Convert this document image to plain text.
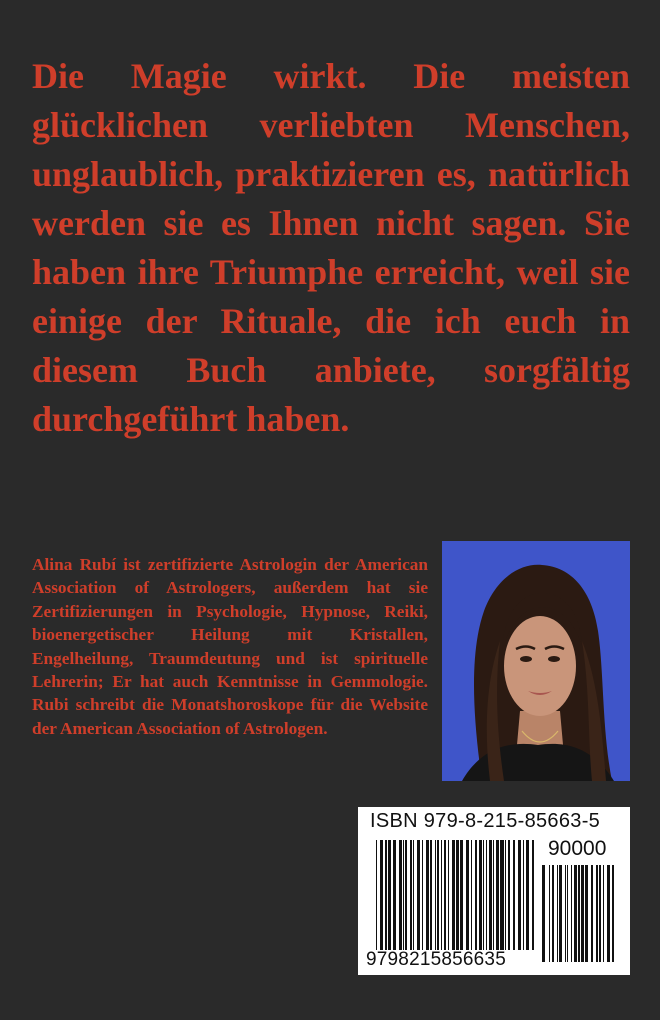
Die Magie wirkt. Die meisten glücklichen verliebten Menschen, unglaublich, praktizieren es, natürlich werden sie es Ihnen nicht sagen. Sie haben ihre Triumphe erreicht, weil sie einige der Rituale, die ich euch in diesem Buch anbiete, sorgfältig durchgeführt haben.

Alina Rubí ist zertifizierte Astrologin der American Association of Astrologers, außerdem hat sie Zertifizierungen in Psychologie, Hypnose, Reiki, bioenergetischer Heilung mit Kristallen, Engelheilung, Traumdeutung und ist spirituelle Lehrerin; Er hat auch Kenntnisse in Gemmologie. Rubi schreibt die Monatshoroskope für die Website der American Association of Astrologen.

ISBN 979-8-215-85663-5
90000
9798215856635
